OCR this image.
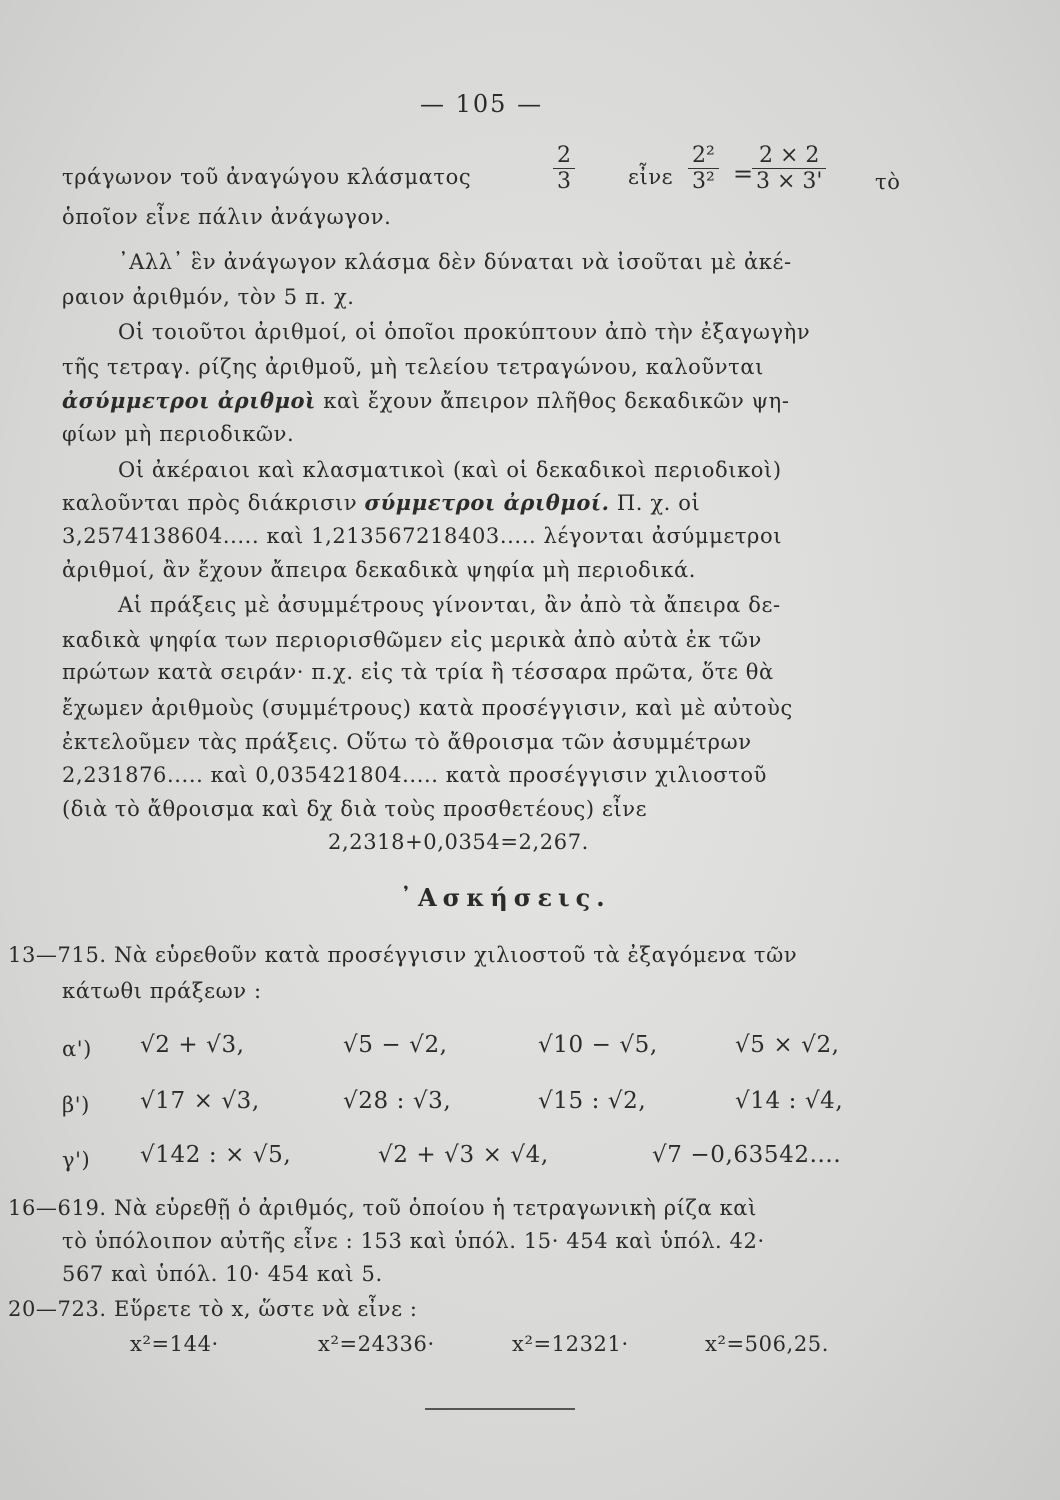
— 105 —
τράγωνον τοῦ ἀναγώγου κλάσματος	$\frac{2}{3}$	εἶνε $\frac{\text{2²}}{\text{3²}}$ =
$\frac{2 \times 2}{3 \times 3'}$ τὸ
ὁποῖον εἶνε πάλιν ἀνάγωγον.
᾿Αλλ᾿ ἓν ἀνάγωγον κλάσμα δὲν δύναται νὰ ἰσοῦται μὲ ἀκέ-
ραιον ἀριθμόν, τὸν 5 π. χ.
Οἱ τοιοῦτοι ἀριθμοί, οἱ ὁποῖοι προκύπτουν ἀπὸ τὴν ἐξαγωγὴν
τῆς τετραγ. ρίζης ἀριθμοῦ, μὴ τελείου τετραγώνου, καλοῦνται
ἀσύμμετροι ἀριθμοὶ καὶ ἔχουν ἄπειρον πλῆθος δεκαδικῶν ψη-
φίων μὴ περιοδικῶν.
Οἱ ἀκέραιοι καὶ κλασματικοὶ (καὶ οἱ δεκαδικοὶ περιοδικοὶ)
καλοῦνται πρὸς διάκρισιν σύμμετροι ἀριθμοί. Π. χ. οἱ
3,2574138604..... καὶ 1,213567218403..... λέγονται ἀσύμμετροι
ἀριθμοί, ἂν ἔχουν ἄπειρα δεκαδικὰ ψηφία μὴ περιοδικά.
Αἱ πράξεις μὲ ἀσυμμέτρους γίνονται, ἂν ἀπὸ τὰ ἄπειρα δε-
καδικὰ ψηφία των περιορισθῶμεν εἰς μερικὰ ἀπὸ αὐτὰ ἐκ τῶν
πρώτων κατὰ σειράν· π.χ. εἰς τὰ τρία ἢ τέσσαρα πρῶτα, ὅτε θὰ
ἔχωμεν ἀριθμοὺς (συμμέτρους) κατὰ προσέγγισιν, καὶ μὲ αὐτοὺς
ἐκτελοῦμεν τὰς πράξεις. Οὕτω τὸ ἄθροισμα τῶν ἀσυμμέτρων
2,231876..... καὶ 0,035421804..... κατὰ προσέγγισιν χιλιοστοῦ
(διὰ τὸ ἄθροισμα καὶ δχ διὰ τοὺς προσθετέους) εἶνε
2,2318+0,0354=2,267.
᾿Ασκήσεις.
13—715. Νὰ εὑρεθοῦν κατὰ προσέγγισιν χιλιοστοῦ τὰ ἐξαγόμενα τῶν
κάτωθι πράξεων :
α') √2 + √3,	√5 − √2,	√10 − √5,	√5 × √2,
β') √17 × √3,	√28 : √3,	√15 : √2,	√14 : √4,
γ') √142 : × √5,	√2 + √3 × √4,	√7 −0,63542....
16—619. Νὰ εὑρεθῇ ὁ ἀριθμός, τοῦ ὁποίου ἡ τετραγωνικὴ ρίζα καὶ
τὸ ὑπόλοιπον αὐτῆς εἶνε : 153 καὶ ὑπόλ. 15· 454 καὶ ὑπόλ. 42·
567 καὶ ὑπόλ. 10· 454 καὶ 5.
20—723. Εὕρετε τὸ x, ὥστε νὰ εἶνε :
x²=144·	x²=24336·	x²=12321·	x²=506,25.
